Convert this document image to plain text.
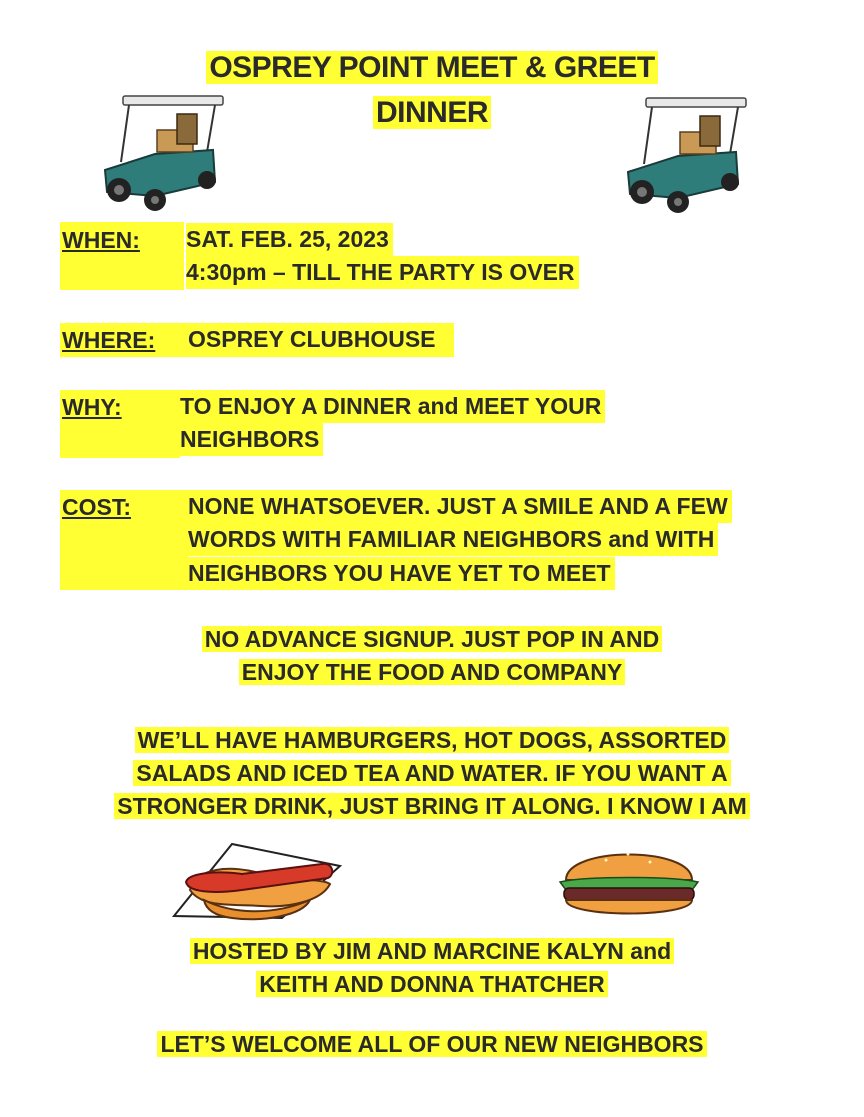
OSPREY POINT MEET & GREET
DINNER
WHEN: SAT. FEB. 25, 2023
4:30pm – TILL THE PARTY IS OVER
WHERE: OSPREY CLUBHOUSE
WHY:	TO ENJOY A DINNER and MEET YOUR
NEIGHBORS
COST: NONE WHATSOEVER. JUST A SMILE AND A FEW
WORDS WITH FAMILIAR NEIGHBORS and WITH
NEIGHBORS YOU HAVE YET TO MEET
NO ADVANCE SIGNUP. JUST POP IN AND
ENJOY THE FOOD AND COMPANY
WE’LL HAVE HAMBURGERS, HOT DOGS, ASSORTED
SALADS AND ICED TEA AND WATER. IF YOU WANT A
STRONGER DRINK, JUST BRING IT ALONG. I KNOW I AM
HOSTED BY JIM AND MARCINE KALYN and
KEITH AND DONNA THATCHER
LET’S WELCOME ALL OF OUR NEW NEIGHBORS
